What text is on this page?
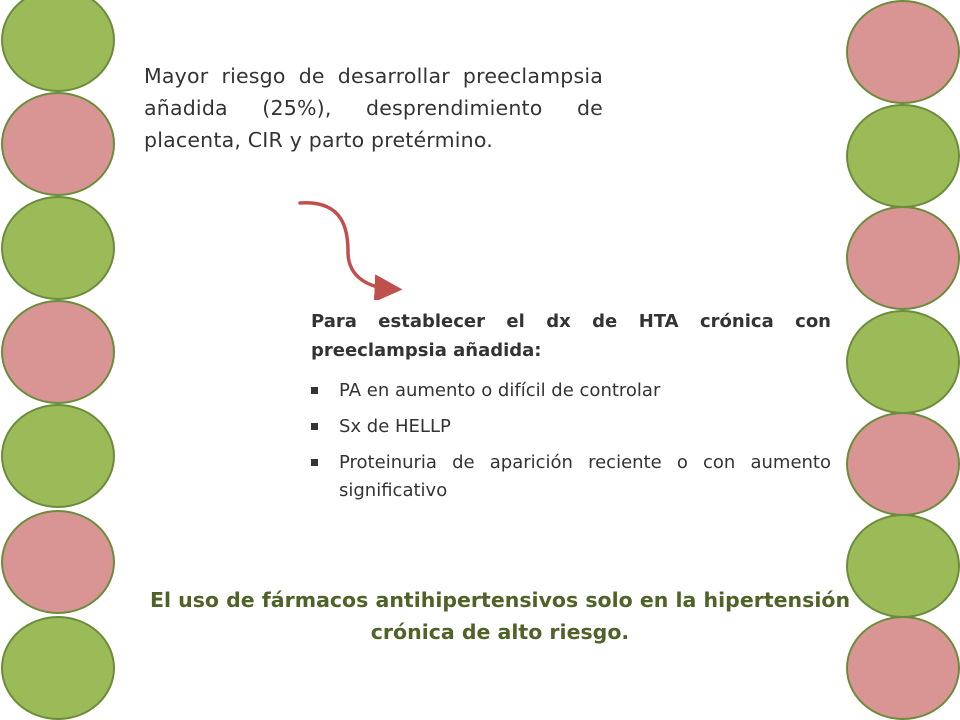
Mayor riesgo de desarrollar preeclampsia añadida (25%), desprendimiento de placenta, CIR y parto pretérmino.
Para establecer el dx de HTA crónica con preeclampsia añadida:
PA en aumento o difícil de controlar
Sx de HELLP
Proteinuria de aparición reciente o con aumento significativo
El uso de fármacos antihipertensivos solo en la hipertensión crónica de alto riesgo.
